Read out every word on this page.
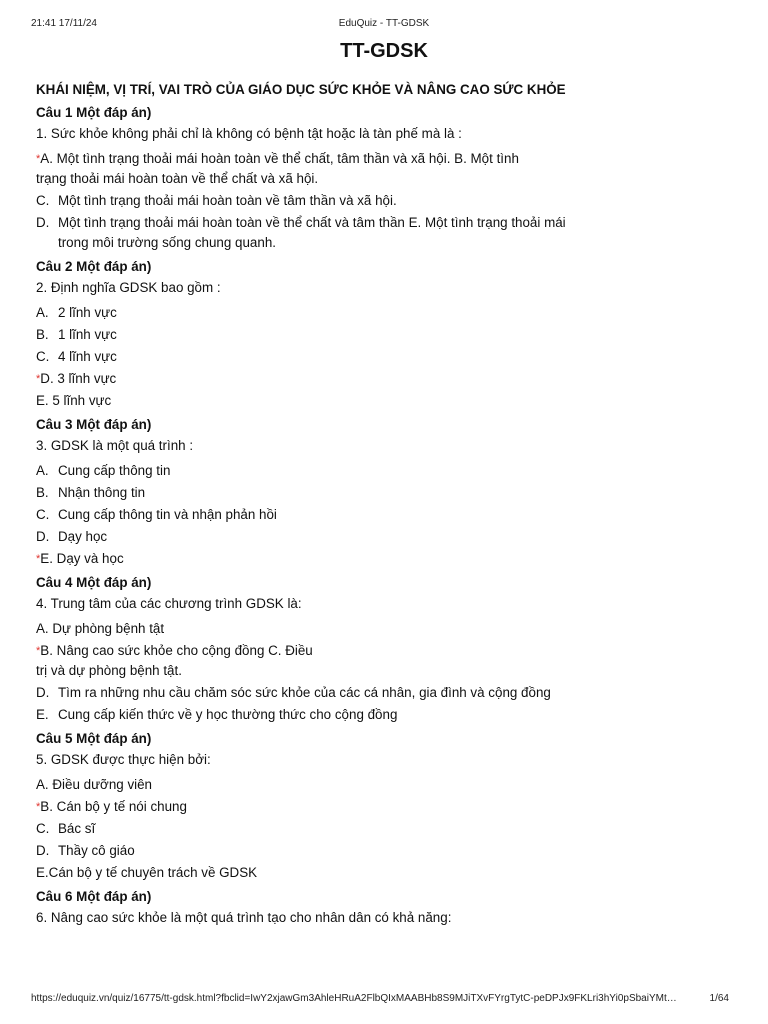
21:41 17/11/24	EduQuiz - TT-GDSK
TT-GDSK
KHÁI NIỆM, VỊ TRÍ, VAI TRÒ CỦA GIÁO DỤC SỨC KHỎE VÀ NÂNG CAO SỨC KHỎE
Câu 1 Một đáp án)
1. Sức khỏe không phải chỉ là không có bệnh tật hoặc là tàn phế mà là :
*A. Một tình trạng thoải mái hoàn toàn về thể chất, tâm thần và xã hội. B. Một tình
trạng thoải mái hoàn toàn về thể chất và xã hội.
C. Một tình trạng thoải mái hoàn toàn về tâm thần và xã hội.
D. Một tình trạng thoải mái hoàn toàn về thể chất và tâm thần E. Một tình trạng thoải mái
trong môi trường sống chung quanh.
Câu 2 Một đáp án)
2. Định nghĩa GDSK bao gồm :
A. 2 lĩnh vực
B. 1 lĩnh vực
C. 4 lĩnh vực
*D. 3 lĩnh vực
E. 5 lĩnh vực
Câu 3 Một đáp án)
3. GDSK là một quá trình :
A. Cung cấp thông tin
B. Nhận thông tin
C. Cung cấp thông tin và nhận phản hồi
D. Dạy học
*E. Dạy và học
Câu 4 Một đáp án)
4. Trung tâm của các chương trình GDSK là:
A. Dự phòng bệnh tật
*B. Nâng cao sức khỏe cho cộng đồng C. Điều
trị và dự phòng bệnh tật.
D. Tìm ra những nhu cầu chăm sóc sức khỏe của các cá nhân, gia đình và cộng đồng
E. Cung cấp kiến thức về y học thường thức cho cộng đồng
Câu 5 Một đáp án)
5. GDSK được thực hiện bởi:
A. Điều dưỡng viên
*B. Cán bộ y tế nói chung
C. Bác sĩ
D. Thầy cô giáo
E.Cán bộ y tế chuyên trách về GDSK
Câu 6 Một đáp án)
6. Nâng cao sức khỏe là một quá trình tạo cho nhân dân có khả năng:
https://eduquiz.vn/quiz/16775/tt-gdsk.html?fbclid=IwY2xjawGm3AhleHRuA2FlbQIxMAABHb8S9MJiTXvFYrgTytC-peDPJx9FKLri3hYi0pSbaiYMt…	1/64
